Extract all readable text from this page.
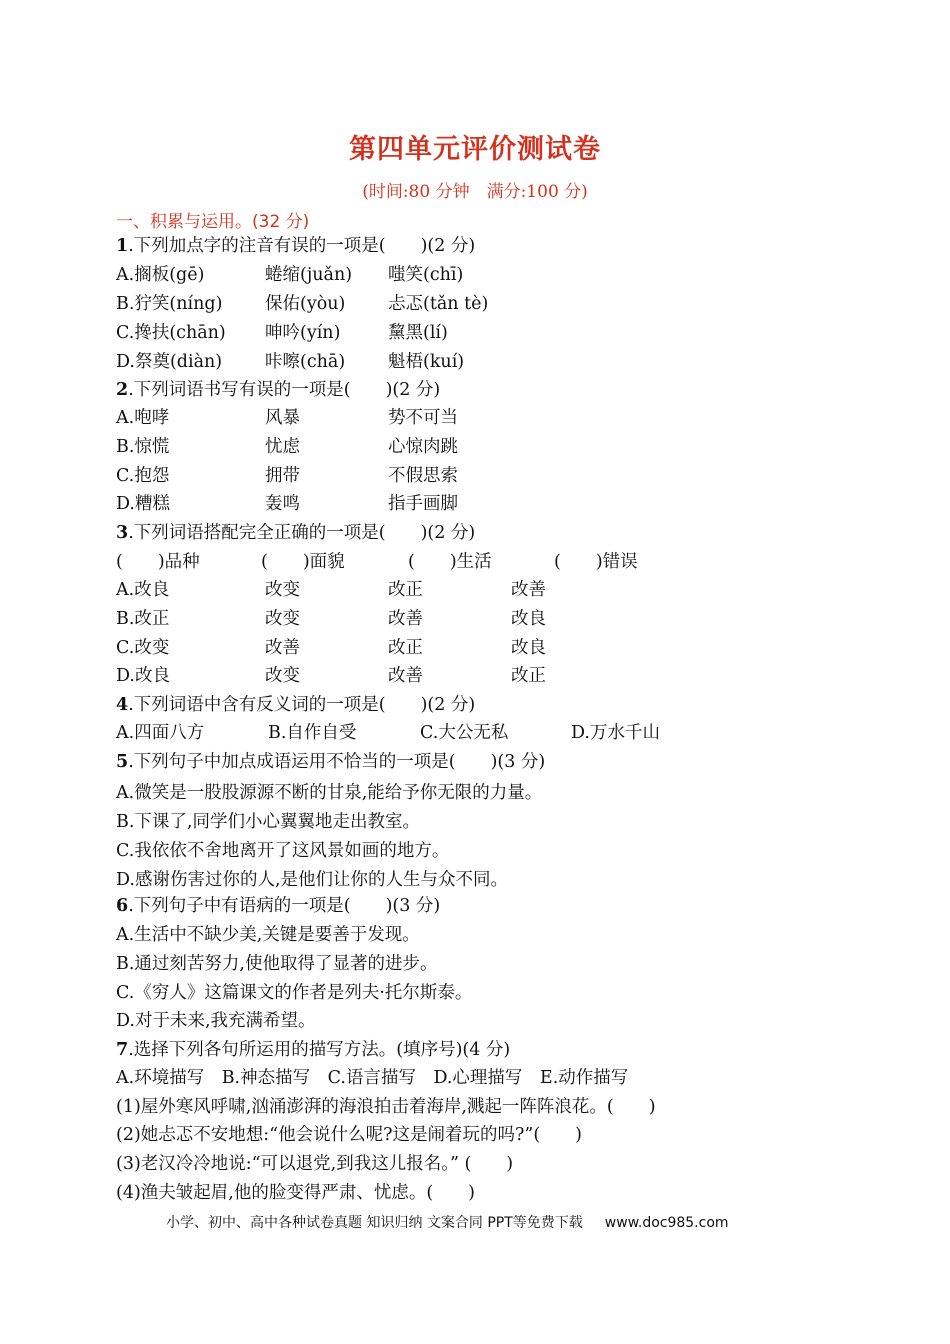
第四单元评价测试卷
(时间:80 分钟　满分:100 分)
一、积累与运用。(32 分)
1.下列加点字的注音有误的一项是(　　)(2 分)
A.搁板(gē)	蜷缩(juǎn) 嗤笑(chī)
B.狞笑(níng) 保佑(yòu) 忐忑(tǎn tè)
C.搀扶(chān) 呻吟(yín)	黧黑(lí)
D.祭奠(diàn) 咔嚓(chā) 魁梧(kuí)
2.下列词语书写有误的一项是(　　)(2 分)
A.咆哮	风暴	势不可当
B.惊慌	忧虑	心惊肉跳
C.抱怨	拥带	不假思索
D.糟糕	轰鸣	指手画脚
3.下列词语搭配完全正确的一项是(　　)(2 分)
(　　)品种	(　　)面貌	(　　)生活	(　　)错误
A.改良	改变	改正	改善
B.改正	改变	改善	改良
C.改变	改善	改正	改良
D.改良	改变	改善	改正
4.下列词语中含有反义词的一项是(　　)(2 分)
A.四面八方	B.自作自受	C.大公无私	D.万水千山
5.下列句子中加点成语运用不恰当的一项是(　　)(3 分)
A.微笑是一股股源源不断的甘泉,能给予你无限的力量。
B.下课了,同学们小心翼翼地走出教室。
C.我依依不舍地离开了这风景如画的地方。
D.感谢伤害过你的人,是他们让你的人生与众不同。
6.下列句子中有语病的一项是(　　)(3 分)
A.生活中不缺少美,关键是要善于发现。
B.通过刻苦努力,使他取得了显著的进步。
C.《穷人》这篇课文的作者是列夫·托尔斯泰。
D.对于未来,我充满希望。
7.选择下列各句所运用的描写方法。(填序号)(4 分)
A.环境描写　B.神态描写　C.语言描写　D.心理描写　E.动作描写
(1)屋外寒风呼啸,汹涌澎湃的海浪拍击着海岸,溅起一阵阵浪花。(　　)
(2)她忐忑不安地想:“他会说什么呢?这是闹着玩的吗?”(　　)
(3)老汉冷冷地说:“可以退党,到我这儿报名。” (　　)
(4)渔夫皱起眉,他的脸变得严肃、忧虑。(　　)
小学、初中、高中各种试卷真题 知识归纳 文案合同 PPT等免费下载 www.doc985.com
